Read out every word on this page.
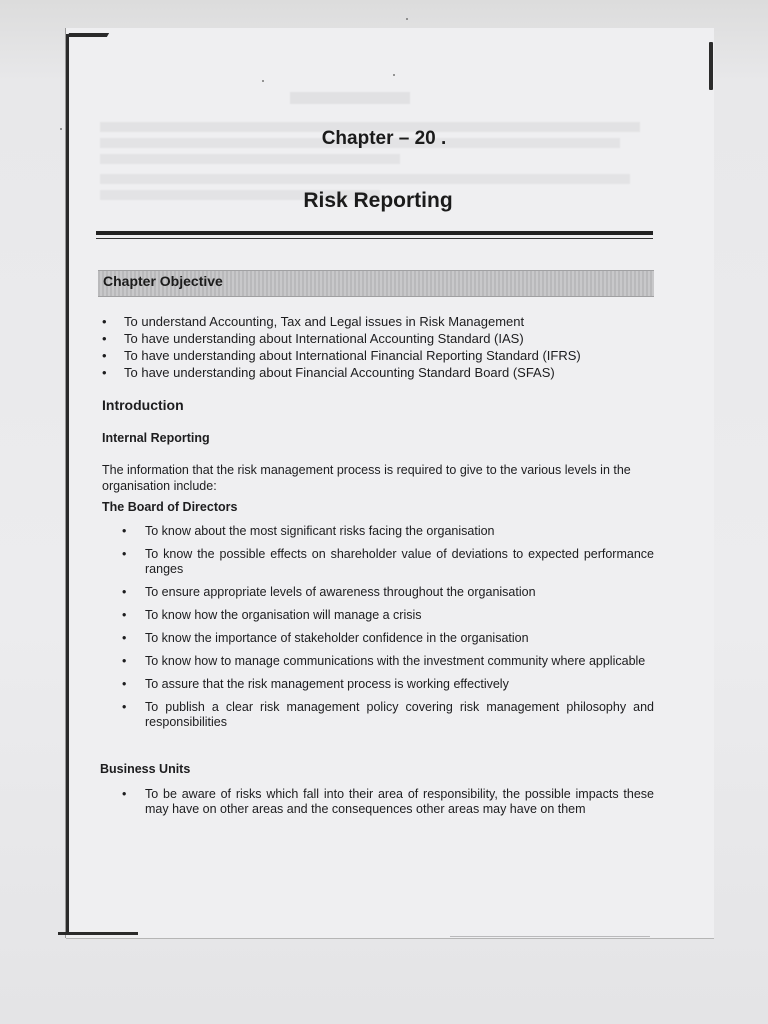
Chapter – 20 .
Risk Reporting
Chapter Objective
• To understand Accounting, Tax and Legal issues in Risk Management
• To have understanding about International Accounting Standard (IAS)
• To have understanding about International Financial Reporting Standard (IFRS)
• To have understanding about Financial Accounting Standard Board (SFAS)
Introduction
Internal Reporting
The information that the risk management process is required to give to the various levels in the organisation include:
The Board of Directors
• To know about the most significant risks facing the organisation
• To know the possible effects on shareholder value of deviations to expected performance ranges
• To ensure appropriate levels of awareness throughout the organisation
• To know how the organisation will manage a crisis
• To know the importance of stakeholder confidence in the organisation
• To know how to manage communications with the investment community where applicable
• To assure that the risk management process is working effectively
• To publish a clear risk management policy covering risk management philosophy and responsibilities
Business Units
• To be aware of risks which fall into their area of responsibility, the possible impacts these may have on other areas and the consequences other areas may have on them
